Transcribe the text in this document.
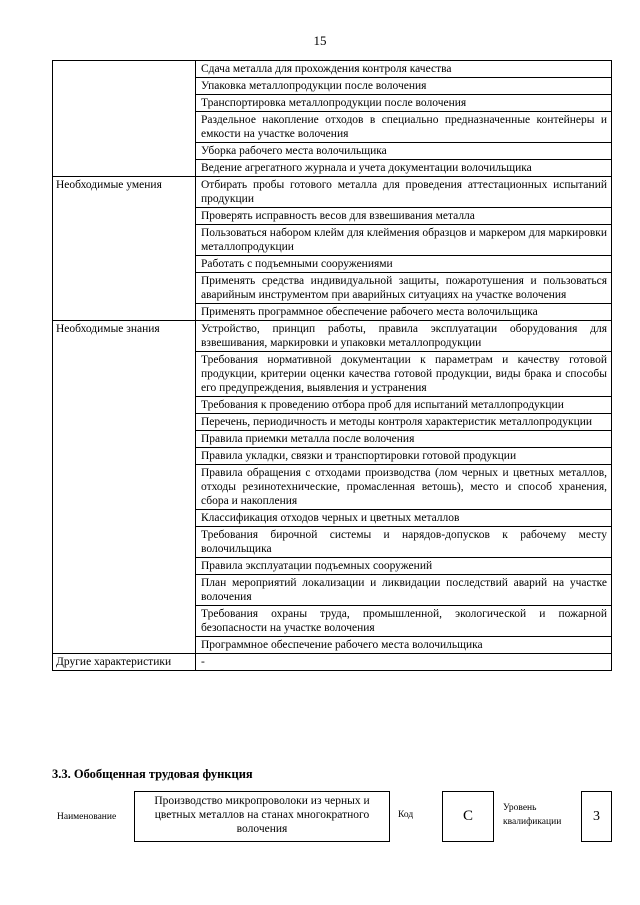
15
	Сдача металла для прохождения контроля качества
	Упаковка металлопродукции после волочения
	Транспортировка металлопродукции после волочения
	Раздельное накопление отходов в специально предназначенные контейнеры и емкости на участке волочения
	Уборка рабочего места волочильщика
	Ведение агрегатного журнала и учета документации волочильщика
Необходимые умения	Отбирать пробы готового металла для проведения аттестационных испытаний продукции
	Проверять исправность весов для взвешивания металла
	Пользоваться набором клейм для клеймения образцов и маркером для маркировки металлопродукции
	Работать с подъемными сооружениями
	Применять средства индивидуальной защиты, пожаротушения и пользоваться аварийным инструментом при аварийных ситуациях на участке волочения
	Применять программное обеспечение рабочего места волочильщика
Необходимые знания	Устройство, принцип работы, правила эксплуатации оборудования для взвешивания, маркировки и упаковки металлопродукции
	Требования нормативной документации к параметрам и качеству готовой продукции, критерии оценки качества готовой продукции, виды брака и способы его предупреждения, выявления и устранения
	Требования к проведению отбора проб для испытаний металлопродукции
	Перечень, периодичность и методы контроля характеристик металлопродукции
	Правила приемки металла после волочения
	Правила укладки, связки и транспортировки готовой продукции
	Правила обращения с отходами производства (лом черных и цветных металлов, отходы резинотехнические, промасленная ветошь), место и способ хранения, сбора и накопления
	Классификация отходов черных и цветных металлов
	Требования бирочной системы и нарядов-допусков к рабочему месту волочильщика
	Правила эксплуатации подъемных сооружений
	План мероприятий локализации и ликвидации последствий аварий на участке волочения
	Требования охраны труда, промышленной, экологической и пожарной безопасности на участке волочения
	Программное обеспечение рабочего места волочильщика
Другие характеристики	-
3.3. Обобщенная трудовая функция
Наименование
Производство микропроволоки из черных и цветных металлов на станах многократного волочения
Код	C	Уровень
квалификации	3
